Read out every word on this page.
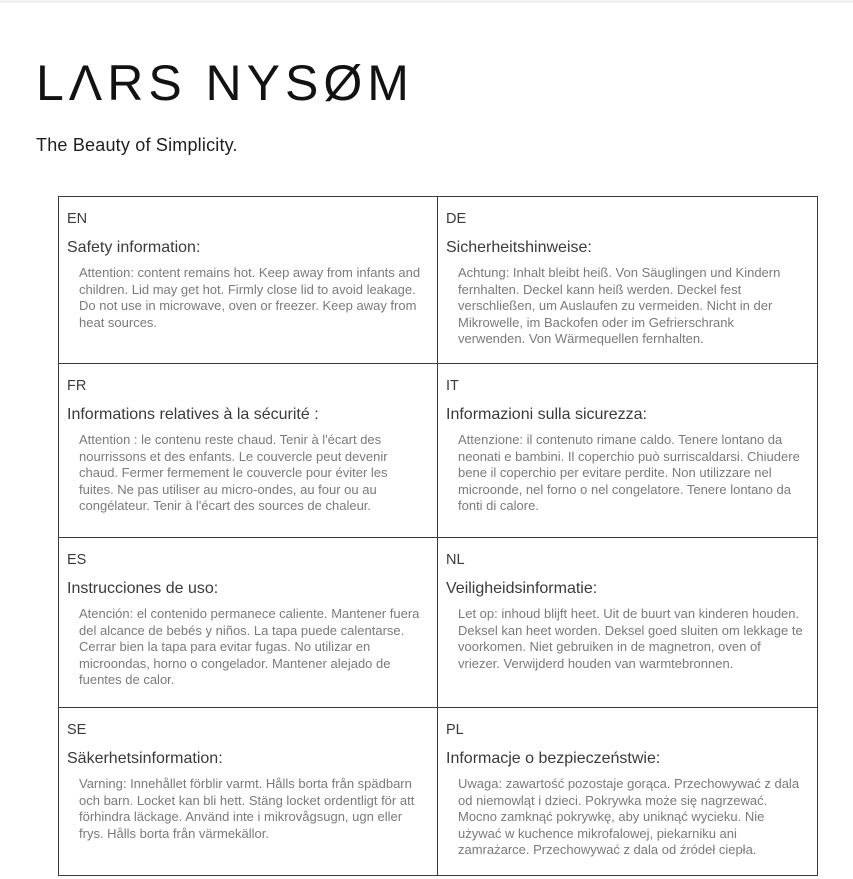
LΛRS NYSØM
The Beauty of Simplicity.
EN
Safety information:
Attention: content remains hot. Keep away from infants and children. Lid may get hot. Firmly close lid to avoid leakage. Do not use in microwave, oven or freezer. Keep away from heat sources.
DE
Sicherheitshinweise:
Achtung: Inhalt bleibt heiß. Von Säuglingen und Kindern fernhalten. Deckel kann heiß werden. Deckel fest verschließen, um Auslaufen zu vermeiden. Nicht in der Mikrowelle, im Backofen oder im Gefrierschrank verwenden. Von Wärmequellen fernhalten.
FR
Informations relatives à la sécurité :
Attention : le contenu reste chaud. Tenir à l'écart des nourrissons et des enfants. Le couvercle peut devenir chaud. Fermer fermement le couvercle pour éviter les fuites. Ne pas utiliser au micro-ondes, au four ou au congélateur. Tenir à l'écart des sources de chaleur.
IT
Informazioni sulla sicurezza:
Attenzione: il contenuto rimane caldo. Tenere lontano da neonati e bambini. Il coperchio può surriscaldarsi. Chiudere bene il coperchio per evitare perdite. Non utilizzare nel microonde, nel forno o nel congelatore. Tenere lontano da fonti di calore.
ES
Instrucciones de uso:
Atención: el contenido permanece caliente. Mantener fuera del alcance de bebés y niños. La tapa puede calentarse. Cerrar bien la tapa para evitar fugas. No utilizar en microondas, horno o congelador. Mantener alejado de fuentes de calor.
NL
Veiligheidsinformatie:
Let op: inhoud blijft heet. Uit de buurt van kinderen houden. Deksel kan heet worden. Deksel goed sluiten om lekkage te voorkomen. Niet gebruiken in de magnetron, oven of vriezer. Verwijderd houden van warmtebronnen.
SE
Säkerhetsinformation:
Varning: Innehållet förblir varmt. Hålls borta från spädbarn och barn. Locket kan bli hett. Stäng locket ordentligt för att förhindra läckage. Använd inte i mikrovågsugn, ugn eller frys. Hålls borta från värmekällor.
PL
Informacje o bezpieczeństwie:
Uwaga: zawartość pozostaje gorąca. Przechowywać z dala od niemowląt i dzieci. Pokrywka może się nagrzewać. Mocno zamknąć pokrywkę, aby uniknąć wycieku. Nie używać w kuchence mikrofalowej, piekarniku ani zamrażarce. Przechowywać z dala od źródeł ciepła.
